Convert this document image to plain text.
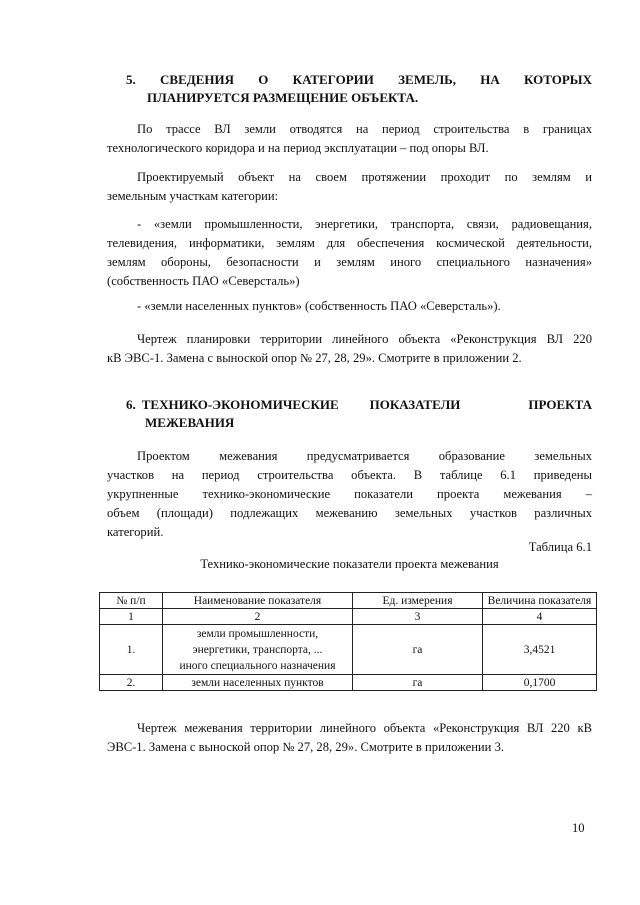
5. СВЕДЕНИЯ О КАТЕГОРИИ ЗЕМЕЛЬ, НА КОТОРЫХ
ПЛАНИРУЕТСЯ РАЗМЕЩЕНИЕ ОБЪЕКТА.
По трассе ВЛ земли отводятся на период строительства в границах
технологического коридора и на период эксплуатации – под опоры ВЛ.
Проектируемый объект на своем протяжении проходит по землям и
земельным участкам категории:
- «земли промышленности, энергетики, транспорта, связи, радиовещания,
телевидения, информатики, землям для обеспечения космической деятельности,
землям обороны, безопасности и землям иного специального назначения»
(собственность ПАО «Северсталь»)
- «земли населенных пунктов» (собственность ПАО «Северсталь»).
Чертеж планировки территории линейного объекта «Реконструкция ВЛ 220
кВ ЭВС-1. Замена с выноской опор № 27, 28, 29». Смотрите в приложении 2.
6. ТЕХНИКО-ЭКОНОМИЧЕСКИЕ ПОКАЗАТЕЛИ	ПРОЕКТА
МЕЖЕВАНИЯ
Проектом межевания предусматривается образование земельных
участков на период строительства объекта. В таблице 6.1 приведены
укрупненные технико-экономические показатели проекта межевания –
объем (площади) подлежащих межеванию земельных участков различных
категорий.
Таблица 6.1
Технико-экономические показатели проекта межевания
№ п/п	Наименование показателя	Ед. измерения	Величина показателя
1	2	3	4
1.	земли промышленности,
энергетики, транспорта, ...
иного специального назначения	га	3,4521
2.	земли населенных пунктов	га	0,1700
Чертеж межевания территории линейного объекта «Реконструкция ВЛ 220 кВ
ЭВС-1. Замена с выноской опор № 27, 28, 29». Смотрите в приложении 3.
10
